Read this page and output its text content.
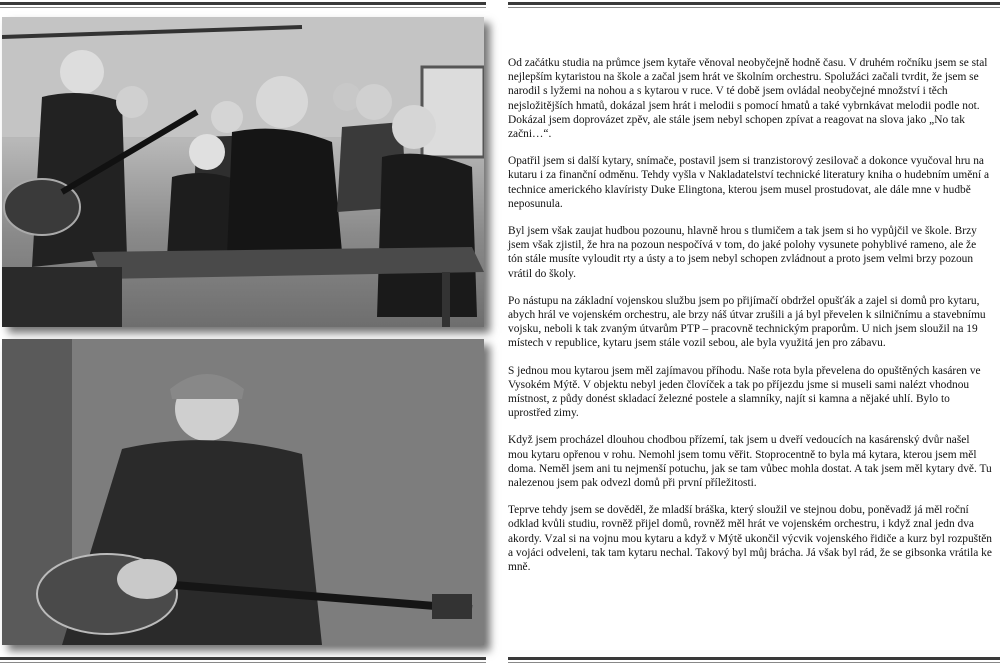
Od začátku studia na průmce jsem kytaře věnoval neobyčejně hodně času. V druhém ročníku jsem se stal nejlepším kytaristou na škole a začal jsem hrát ve školním orchestru. Spolužáci začali tvrdit, že jsem se narodil s lyžemi na nohou a s kytarou v ruce. V té době jsem ovládal neobyčejné množství i těch nejsložitějších hmatů, dokázal jsem hrát i melodii s pomocí hmatů a také vybrnkávat melodii podle not. Dokázal jsem doprovázet zpěv, ale stále jsem nebyl schopen zpívat a reagovat na slova jako „No tak začni…“.

Opatřil jsem si další kytary, snímače, postavil jsem si tranzistorový zesilovač a dokonce vyučoval hru na kutaru i za finanční odměnu. Tehdy vyšla v Nakladatelství technické literatury kniha o hudebním umění a technice amerického klavíristy Duke Elingtona, kterou jsem musel prostudovat, ale dále mne v hudbě neposunula.

Byl jsem však zaujat hudbou pozounu, hlavně hrou s tlumičem a tak jsem si ho vypůjčil ve škole. Brzy jsem však zjistil, že hra na pozoun nespočívá v tom, do jaké polohy vysunete pohyblivé rameno, ale že tón stále musíte vyloudit rty a ústy a to jsem nebyl schopen zvládnout a proto jsem velmi brzy pozoun vrátil do školy.

Po nástupu na základní vojenskou službu jsem po přijímačí obdržel opušťák a zajel si domů pro kytaru, abych hrál ve vojenském orchestru, ale brzy náš útvar zrušili a já byl převelen k silničnímu a stavebnímu vojsku, neboli k tak zvaným útvarům PTP – pracovně technickým praporům. U nich jsem sloužil na 19 místech v republice, kytaru jsem stále vozil sebou, ale byla využitá jen pro zábavu.

S jednou mou kytarou jsem měl zajímavou příhodu. Naše rota byla převelena do opuštěných kasáren ve Vysokém Mýtě. V objektu nebyl jeden človíček a tak po příjezdu jsme si museli sami nalézt vhodnou místnost, z půdy donést skladací železné postele a slamníky, najít si kamna a nějaké uhlí. Bylo to uprostřed zimy.

Když jsem procházel dlouhou chodbou přízemí, tak jsem u dveří vedoucích na kasárenský dvůr našel mou kytaru opřenou v rohu. Nemohl jsem tomu věřit. Stoprocentně to byla má kytara, kterou jsem měl doma. Neměl jsem ani tu nejmenší potuchu, jak se tam vůbec mohla dostat. A tak jsem měl kytary dvě. Tu nalezenou jsem pak odvezl domů při první příležitosti.

Teprve tehdy jsem se dověděl, že mladší bráška, který sloužil ve stejnou dobu, poněvadž já měl roční odklad kvůli studiu, rovněž přijel domů, rovněž měl hrát ve vojenském orchestru, i když znal jedn dva akordy. Vzal si na vojnu mou kytaru a když v Mýtě ukončil výcvik vojenského řidiče a kurz byl rozpuštěn a vojáci odveleni, tak tam kytaru nechal. Takový byl můj brácha. Já však byl rád, že se gibsonka vrátila ke mně.
